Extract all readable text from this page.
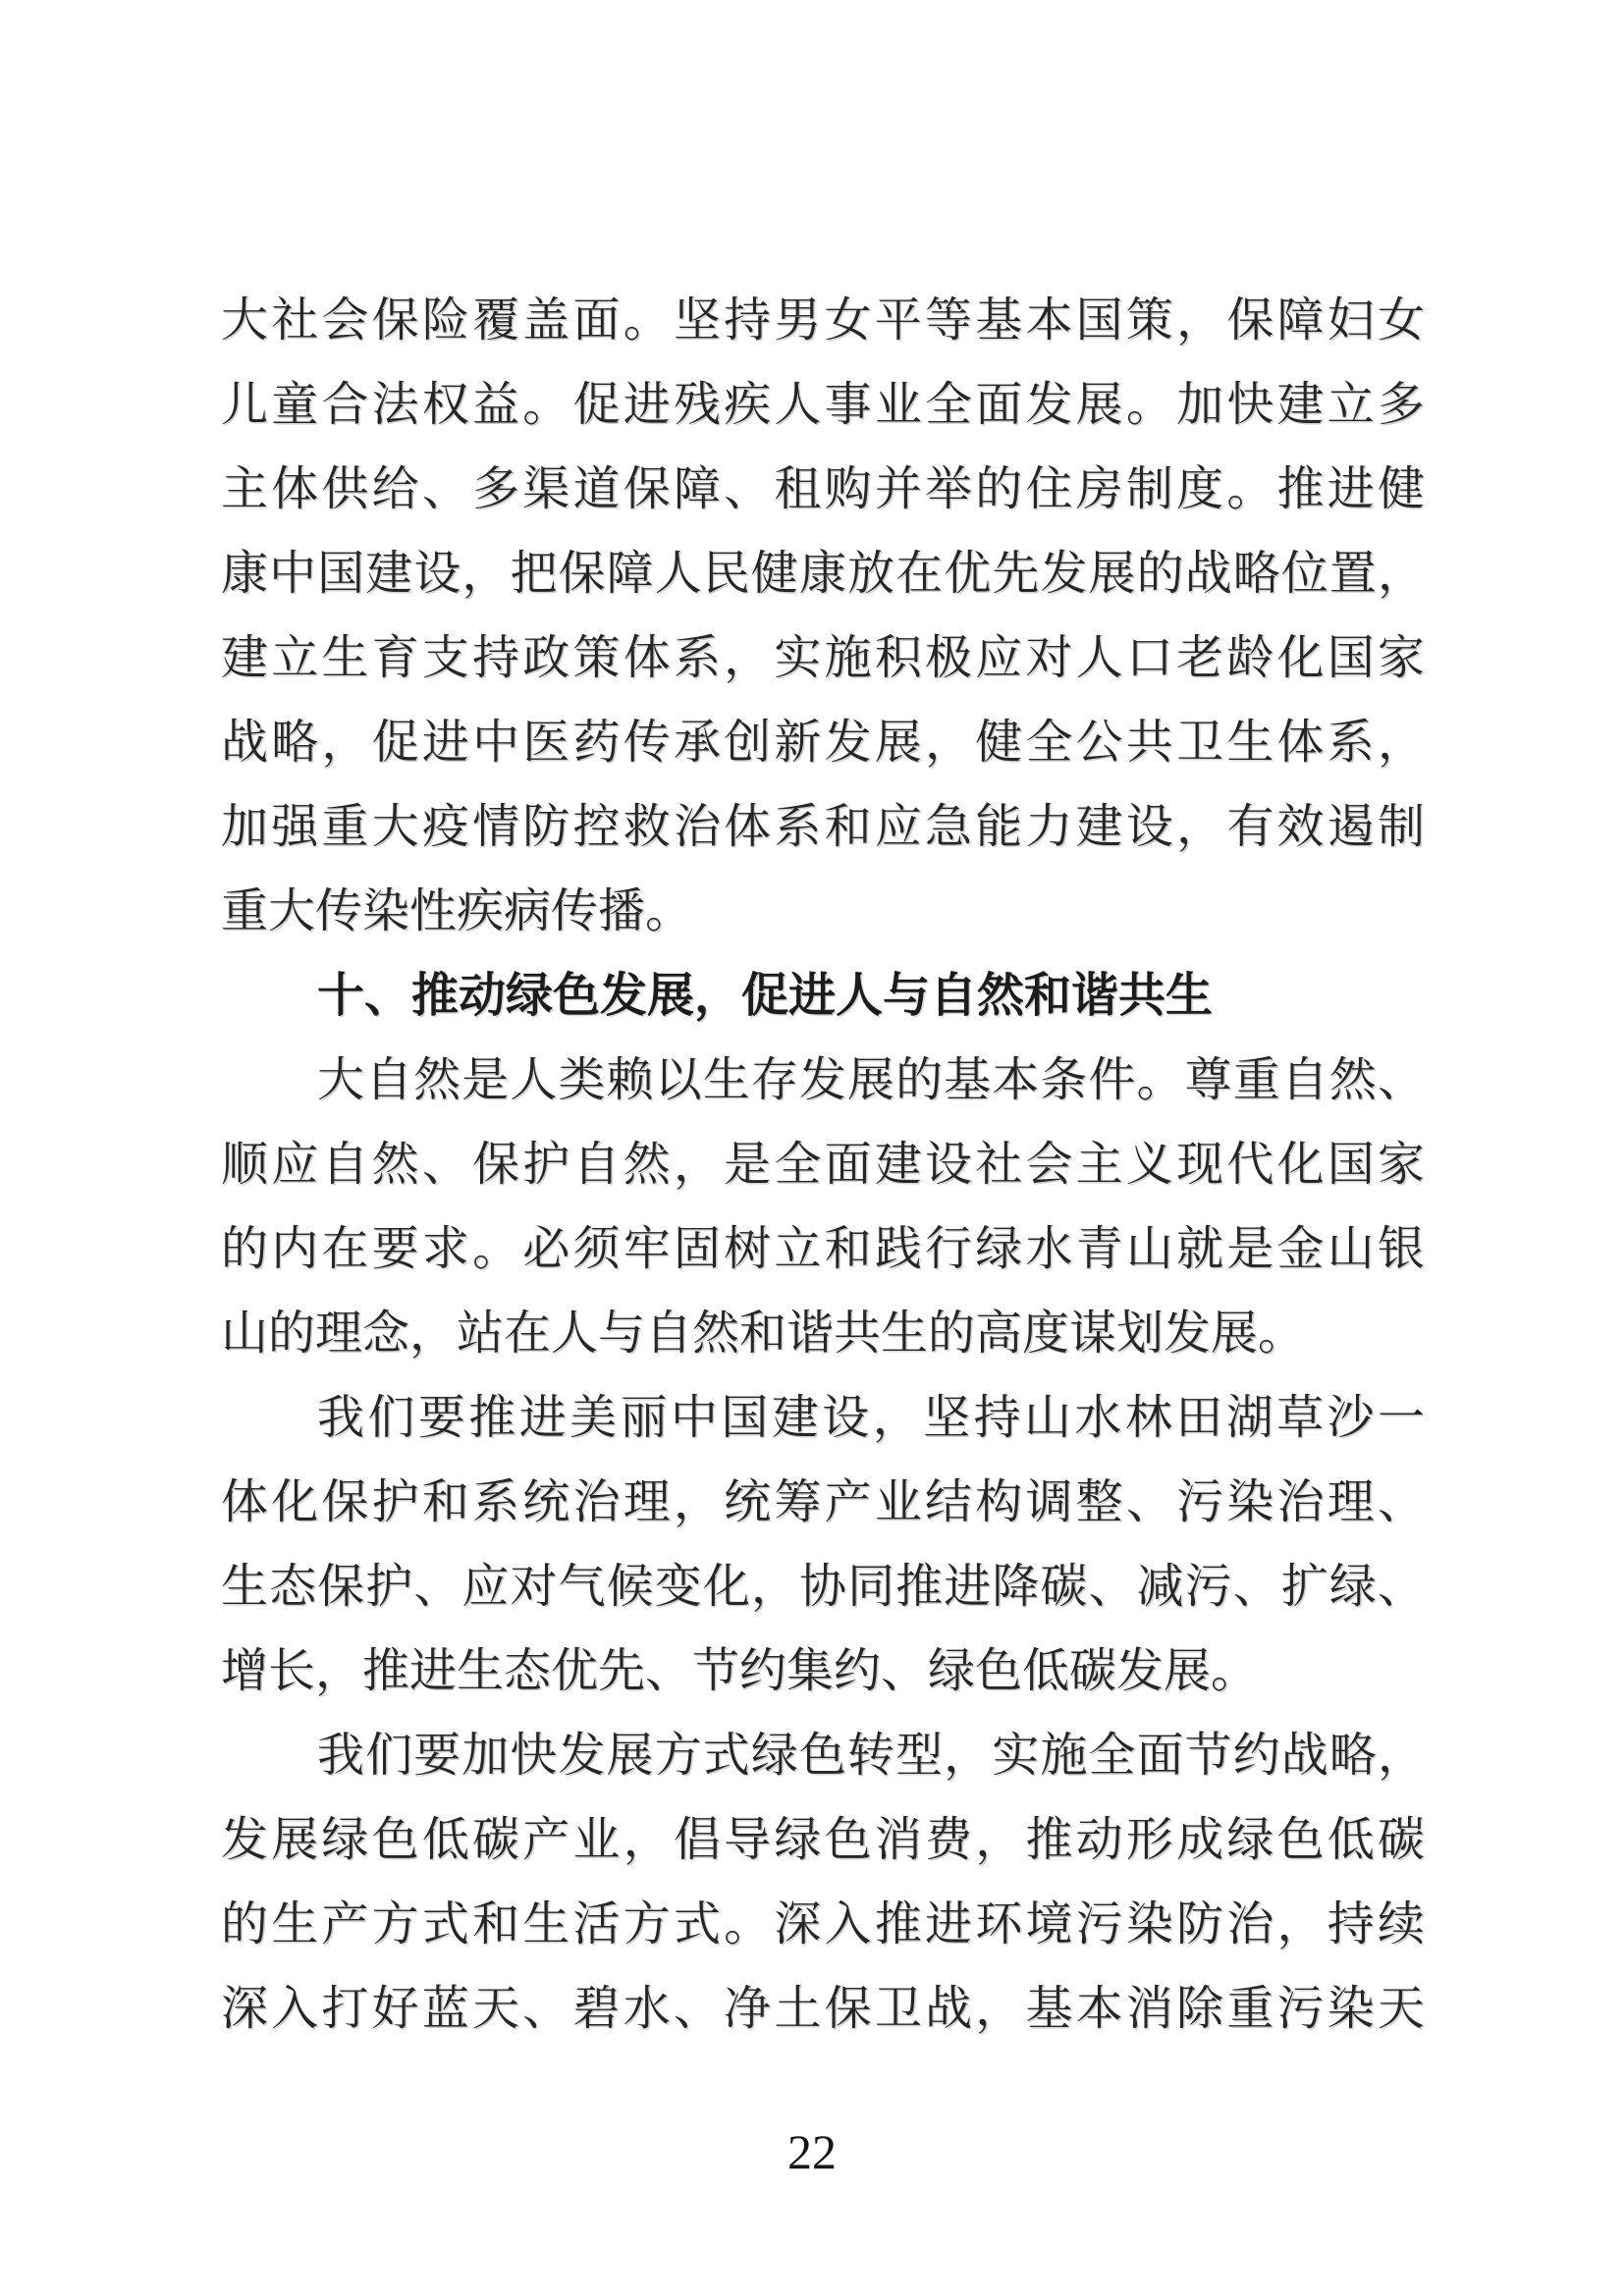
大社会保险覆盖面。坚持男女平等基本国策，保障妇女
儿童合法权益。促进残疾人事业全面发展。加快建立多
主体供给、多渠道保障、租购并举的住房制度。推进健
康中国建设，把保障人民健康放在优先发展的战略位置，
建立生育支持政策体系，实施积极应对人口老龄化国家
战略，促进中医药传承创新发展，健全公共卫生体系，
加强重大疫情防控救治体系和应急能力建设，有效遏制
重大传染性疾病传播。
十、推动绿色发展，促进人与自然和谐共生
大自然是人类赖以生存发展的基本条件。尊重自然、
顺应自然、保护自然，是全面建设社会主义现代化国家
的内在要求。必须牢固树立和践行绿水青山就是金山银
山的理念，站在人与自然和谐共生的高度谋划发展。
我们要推进美丽中国建设，坚持山水林田湖草沙一
体化保护和系统治理，统筹产业结构调整、污染治理、
生态保护、应对气候变化，协同推进降碳、减污、扩绿、
增长，推进生态优先、节约集约、绿色低碳发展。
我们要加快发展方式绿色转型，实施全面节约战略，
发展绿色低碳产业，倡导绿色消费，推动形成绿色低碳
的生产方式和生活方式。深入推进环境污染防治，持续
深入打好蓝天、碧水、净土保卫战，基本消除重污染天
22
